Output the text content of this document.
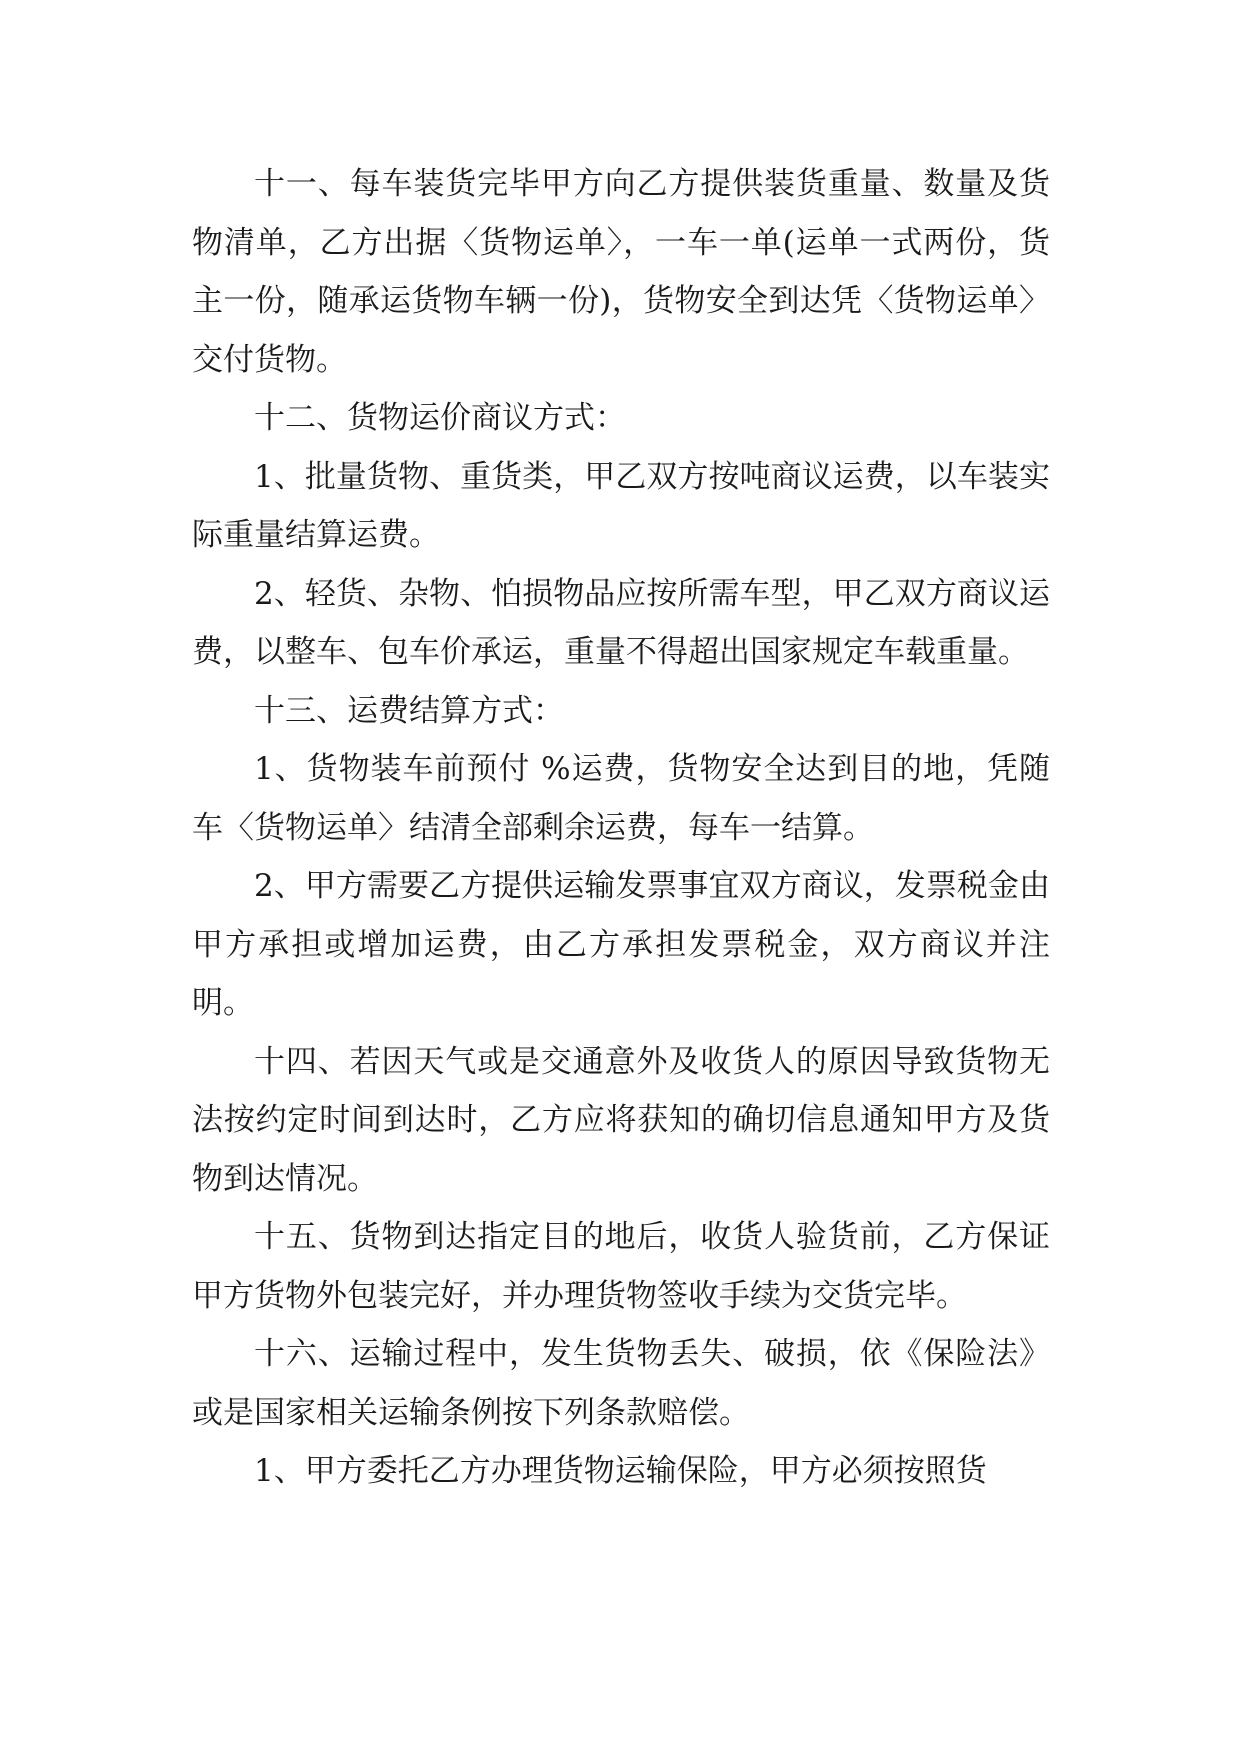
十一、每车装货完毕甲方向乙方提供装货重量、数量及货物清单，乙方出据〈货物运单〉，一车一单(运单一式两份，货主一份，随承运货物车辆一份)，货物安全到达凭〈货物运单〉交付货物。

十二、货物运价商议方式：

1、批量货物、重货类，甲乙双方按吨商议运费，以车装实际重量结算运费。

2、轻货、杂物、怕损物品应按所需车型，甲乙双方商议运费，以整车、包车价承运，重量不得超出国家规定车载重量。

十三、运费结算方式：

1、货物装车前预付 %运费，货物安全达到目的地，凭随车〈货物运单〉结清全部剩余运费，每车一结算。

2、甲方需要乙方提供运输发票事宜双方商议，发票税金由甲方承担或增加运费，由乙方承担发票税金，双方商议并注明。

十四、若因天气或是交通意外及收货人的原因导致货物无法按约定时间到达时，乙方应将获知的确切信息通知甲方及货物到达情况。

十五、货物到达指定目的地后，收货人验货前，乙方保证甲方货物外包装完好，并办理货物签收手续为交货完毕。

十六、运输过程中，发生货物丢失、破损，依《保险法》或是国家相关运输条例按下列条款赔偿。

1、甲方委托乙方办理货物运输保险，甲方必须按照货
